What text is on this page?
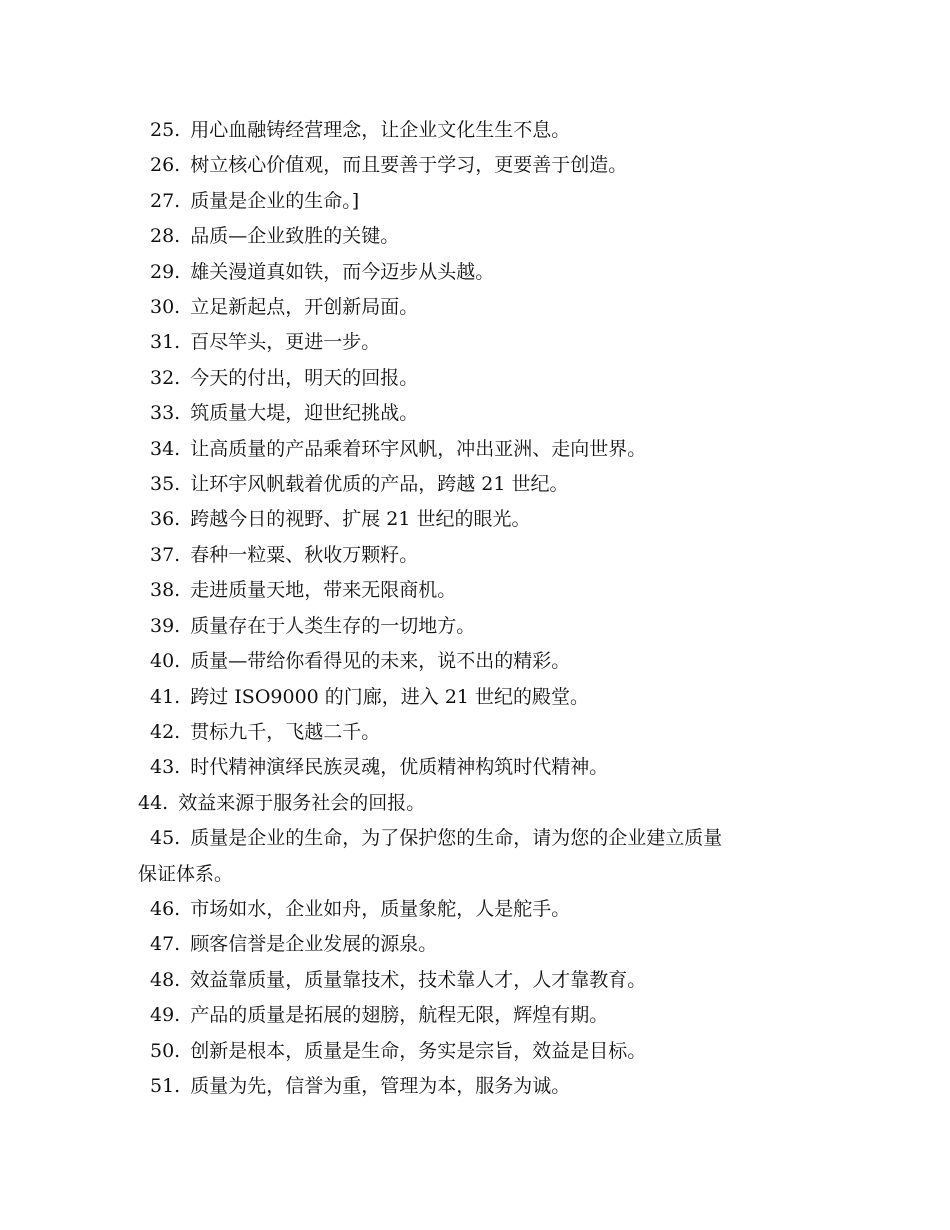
25. 用心血融铸经营理念，让企业文化生生不息。
26. 树立核心价值观，而且要善于学习，更要善于创造。
27. 质量是企业的生命。]
28. 品质—企业致胜的关键。
29. 雄关漫道真如铁，而今迈步从头越。
30. 立足新起点，开创新局面。
31. 百尽竿头，更进一步。
32. 今天的付出，明天的回报。
33. 筑质量大堤，迎世纪挑战。
34. 让高质量的产品乘着环宇风帆，冲出亚洲、走向世界。
35. 让环宇风帆载着优质的产品，跨越 21 世纪。
36. 跨越今日的视野、扩展 21 世纪的眼光。
37. 春种一粒粟、秋收万颗籽。
38. 走进质量天地，带来无限商机。
39. 质量存在于人类生存的一切地方。
40. 质量—带给你看得见的未来，说不出的精彩。
41. 跨过 ISO9000 的门廊，进入 21 世纪的殿堂。
42. 贯标九千，飞越二千。
43. 时代精神演绎民族灵魂，优质精神构筑时代精神。
44. 效益来源于服务社会的回报。
45. 质量是企业的生命，为了保护您的生命，请为您的企业建立质量
保证体系。
46. 市场如水，企业如舟，质量象舵，人是舵手。
47. 顾客信誉是企业发展的源泉。
48. 效益靠质量，质量靠技术，技术靠人才，人才靠教育。
49. 产品的质量是拓展的翅膀，航程无限，辉煌有期。
50. 创新是根本，质量是生命，务实是宗旨，效益是目标。
51. 质量为先，信誉为重，管理为本，服务为诚。
